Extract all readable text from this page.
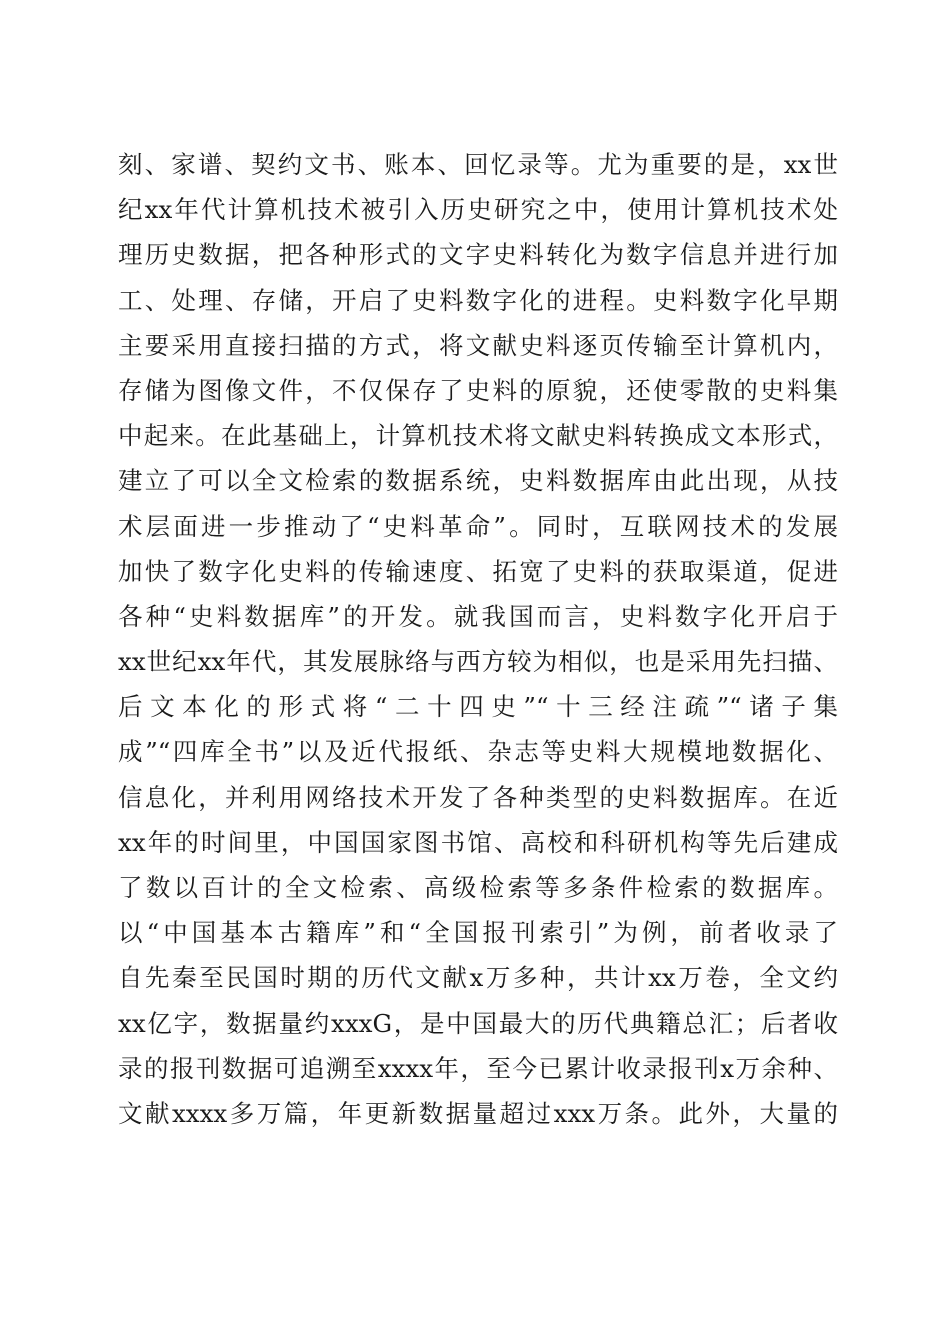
刻、家谱、契约文书、账本、回忆录等。尤为重要的是，xx世
纪xx年代计算机技术被引入历史研究之中，使用计算机技术处
理历史数据，把各种形式的文字史料转化为数字信息并进行加
工、处理、存储，开启了史料数字化的进程。史料数字化早期
主要采用直接扫描的方式，将文献史料逐页传输至计算机内，
存储为图像文件，不仅保存了史料的原貌，还使零散的史料集
中起来。在此基础上，计算机技术将文献史料转换成文本形式，
建立了可以全文检索的数据系统，史料数据库由此出现，从技
术层面进一步推动了“史料革命”。同时，互联网技术的发展
加快了数字化史料的传输速度、拓宽了史料的获取渠道，促进
各种“史料数据库”的开发。就我国而言，史料数字化开启于
xx世纪xx年代，其发展脉络与西方较为相似，也是采用先扫描、
后文本化的形式将“二十四史”“十三经注疏”“诸子集
成”“四库全书”以及近代报纸、杂志等史料大规模地数据化、
信息化，并利用网络技术开发了各种类型的史料数据库。在近
xx年的时间里，中国国家图书馆、高校和科研机构等先后建成
了数以百计的全文检索、高级检索等多条件检索的数据库。
以“中国基本古籍库”和“全国报刊索引”为例，前者收录了
自先秦至民国时期的历代文献x万多种，共计xx万卷，全文约
xx亿字，数据量约xxxG，是中国最大的历代典籍总汇；后者收
录的报刊数据可追溯至xxxx年，至今已累计收录报刊x万余种、
文献xxxx多万篇，年更新数据量超过xxx万条。此外，大量的
